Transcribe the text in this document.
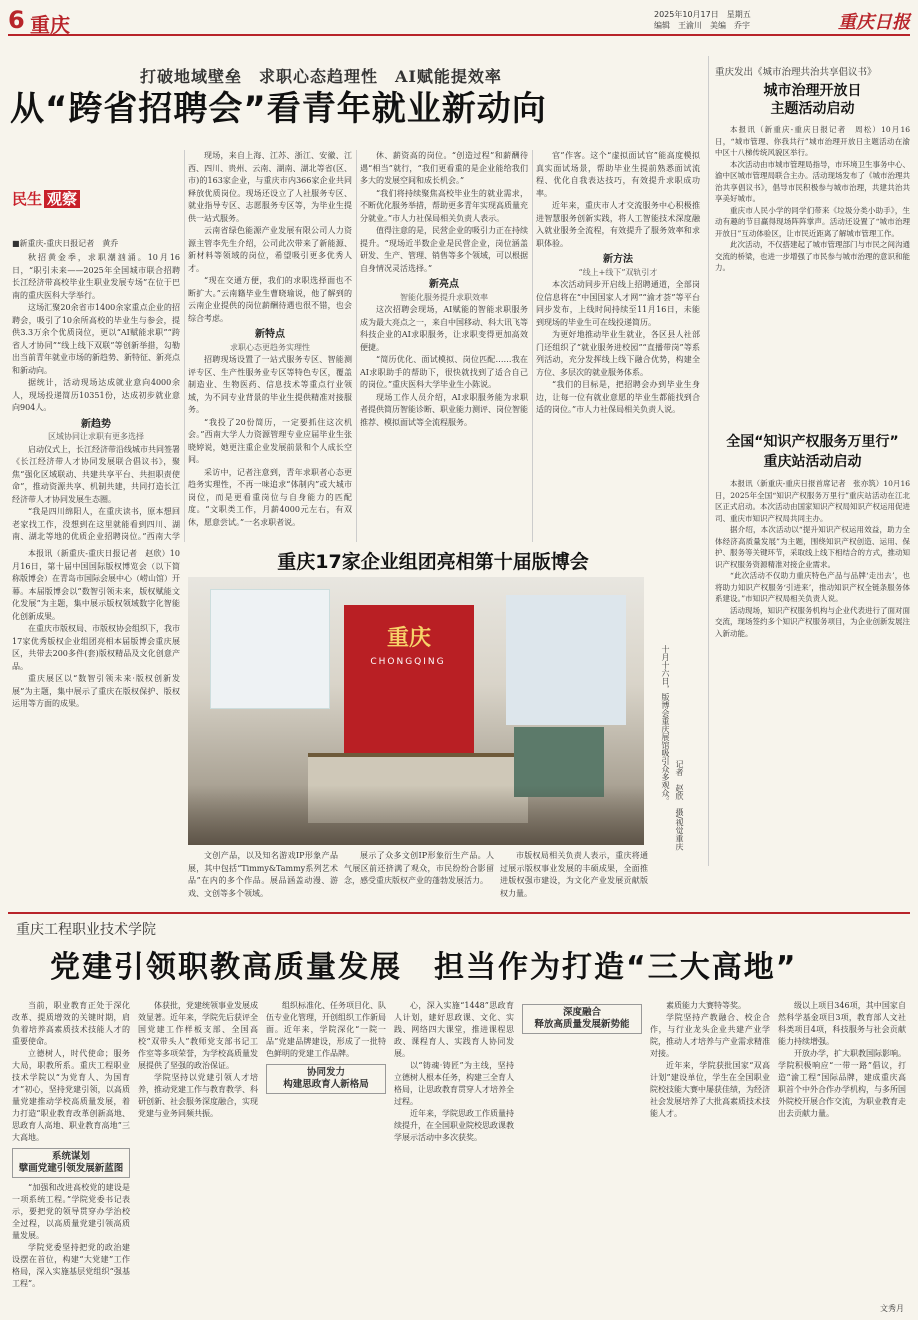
6 重庆	2025年10月17日　星期五
编辑　王渝川　美编　乔宇	重庆日报
打破地域壁垒　求职心态趋理性　AI赋能提效率
从“跨省招聘会”看青年就业新动向
民生 观察
■新重庆-重庆日报记者　黄乔

秋招黄金季，求职潮汹涌。10月16日，“职引未来——2025年全国城市联合招聘长江经济带高校毕业生职业发展专场”在位于巴南的重庆医科大学举行。

这场汇聚20余省市1400余家重点企业的招聘会，吸引了10余所高校的毕业生与参会，提供3.3万余个优质岗位，更以“AI赋能求职”“跨省人才协同”“线上线下双联”等创新举措，勾勒出当前青年就业市场的新趋势、新特征、新亮点和新动向。

据统计，活动现场达成就业意向4000余人，现场投递简历10351份，达成初步就业意向904人。

新趋势

区域协同让求职有更多选择

启动仪式上，长江经济带沿线城市共同签署《长江经济带人才协同发展联合倡议书》，聚焦“强化区域联动、共建共享平台、共担职责使命”，推动资源共享、机制共建，共同打造长江经济带人才协同发展生态圈。

“我是四川绵阳人，在重庆读书，原本想回老家找工作，没想到在这里就能看到四川、湖南、湖北等地的优质企业招聘岗位。”西南大学

现场，来自上海、江苏、浙江、安徽、江西、四川、贵州、云南、湖南、湖北等省(区、市)的163家企业，与重庆市内366家企业共同释放优质岗位。现场还设立了人社服务专区、就业指导专区、志愿服务专区等，为毕业生提供一站式服务。

云南省绿色能源产业发展有限公司人力资源主管李先生介绍，公司此次带来了新能源、新材料等领域的岗位，希望吸引更多优秀人才。

“现在交通方便，我们的求职选择面也不断扩大。”云南籍毕业生曹晓瑜说，他了解到的云南企业提供的岗位薪酬待遇也很不错，也会综合考虑。

新特点

求职心态更趋务实理性

招聘现场设置了一站式服务专区、智能测评专区、生产性服务业专区等特色专区，覆盖制造业、生物医药、信息技术等重点行业领域，为不同专业背景的毕业生提供精准对接服务。

“我投了20份简历，一定要抓住这次机会。”西南大学人力资源管理专业应届毕业生张晓婷说，她更注重企业发展前景和个人成长空间。

采访中，记者注意到，青年求职者心态更趋务实理性，不再一味追求“体制内”或大城市岗位，而是更看重岗位与自身能力的匹配度。“文职类工作，月薪4000元左右，有双休，愿意尝试。”一名求职者说。

休、薪资高的岗位。“创造过程”和薪酬待遇“相当”就行，“我们更看重的是企业能给我们多大的发展空间和成长机会。”

“我们将持续聚焦高校毕业生的就业需求，不断优化服务举措，帮助更多青年实现高质量充分就业。”市人力社保局相关负责人表示。

值得注意的是，民营企业的吸引力正在持续提升。“现场近半数企业是民营企业，岗位涵盖研发、生产、管理、销售等多个领域，可以根据自身情况灵活选择。”

新亮点

智能化服务提升求职效率

这次招聘会现场，AI赋能的智能求职服务成为最大亮点之一，来自中国移动、科大讯飞等科技企业的AI求职服务，让求职变得更加高效便捷。

“简历优化、面试模拟、岗位匹配……我在AI求职助手的帮助下，很快就找到了适合自己的岗位。”重庆医科大学毕业生小陈说。

现场工作人员介绍，AI求职服务能为求职者提供简历智能诊断、职业能力测评、岗位智能推荐、模拟面试等全流程服务。

官”作客。这个“虚拟面试官”能高度模拟真实面试场景，帮助毕业生提前熟悉面试流程、优化自我表达技巧，有效提升求职成功率。

近年来，重庆市人才交流服务中心积极推进智慧服务创新实践，将人工智能技术深度融入就业服务全流程，有效提升了服务效率和求职体验。

新方法

“线上+线下”双轨引才

本次活动同步开启线上招聘通道，全部岗位信息将在“中国国家人才网”“渝才荟”等平台同步发布，上线时间持续至11月16日，未能到现场的毕业生可在线投递简历。

为更好地推动毕业生就业，各区县人社部门还组织了“就业服务进校园”“直播带岗”等系列活动，充分发挥线上线下融合优势，构建全方位、多层次的就业服务体系。

“我们的目标是，把招聘会办到毕业生身边，让每一位有就业意愿的毕业生都能找到合适的岗位。”市人力社保局相关负责人说。

重庆发出《城市治理共治共享倡议书》
城市治理开放日
主题活动启动

本报讯（新重庆-重庆日报记者　周松）10月16日，“城市管理、你我共行”城市治理开放日主题活动在渝中区十八梯传统风貌区举行。

本次活动由市城市管理局指导，市环境卫生事务中心、渝中区城市管理局联合主办。活动现场发布了《城市治理共治共享倡议书》，倡导市民积极参与城市治理，共建共治共享美好城市。

重庆市人民小学的同学们带来《垃圾分类小助手》，生动有趣的节目赢得现场阵阵掌声。活动还设置了“城市治理开放日”互动体验区，让市民近距离了解城市管理工作。

此次活动，不仅搭建起了城市管理部门与市民之间沟通交流的桥梁，也进一步增强了市民参与城市治理的意识和能力。

全国“知识产权服务万里行”
重庆站活动启动

本报讯（新重庆-重庆日报首席记者　张亦筑）10月16日，2025年全国“知识产权服务万里行”重庆站活动在江北区正式启动。本次活动由国家知识产权局知识产权运用促进司、重庆市知识产权局共同主办。

据介绍，本次活动以“提升知识产权运用效益，助力全体经济高质量发展”为主题，围绕知识产权创造、运用、保护、服务等关键环节，采取线上线下相结合的方式，推动知识产权服务资源精准对接企业需求。

“此次活动不仅助力重庆特色产品与品牌‘走出去’，也将助力知识产权服务‘引进来’，推动知识产权全链条服务体系建设。”市知识产权局相关负责人说。

活动现场，知识产权服务机构与企业代表进行了面对面交流，现场签约多个知识产权服务项目，为企业创新发展注入新动能。

重庆17家企业组团亮相第十届版博会

本报讯（新重庆-重庆日报记者　赵欣）10月16日，第十届中国国际版权博览会（以下简称版博会）在青岛市国际会展中心（崂山馆）开幕。本届版博会以“数智引领未来，版权赋能文化发展”为主题，集中展示版权领域数字化智能化创新成果。

在重庆市版权局、市版权协会组织下，我市17家优秀版权企业组团亮相本届版博会重庆展区，共带去200多件(套)版权精品及文化创意产品。

重庆展区以“数智引领未来·版权创新发展”为主题，集中展示了重庆在版权保护、版权运用等方面的成果。

重庆
CHONGQING	十月十六日，版博会重庆展馆吸引众多观众。
记者　赵欣　摄/视觉重庆

文创产品，以及知名游戏IP形象产品展，其中包括“Timmy&Tammy系列艺术品”在内的多个作品。展品涵盖动漫、游戏、文创等多个领域。

展示了众多文创IP形象衍生产品。人气展区前还挤满了观众，市民纷纷合影留念，感受重庆版权产业的蓬勃发展活力。

市版权局相关负责人表示，重庆将通过展示版权事业发展的丰硕成果，全面推进版权强市建设，为文化产业发展贡献版权力量。

重庆工程职业技术学院
党建引领职教高质量发展　担当作为打造“三大高地”

当前，职业教育正处于深化改革、提质增效的关键时期，肩负着培养高素质技术技能人才的重要使命。

立德树人，时代使命；服务大局，职教所系。重庆工程职业技术学院以“为党育人、为国育才”初心，坚持党建引领，以高质量党建推动学校高质量发展，着力打造“职业教育改革创新高地、思政育人高地、职业教育高地”三大高地。

系统谋划
擘画党建引领发展新蓝图

“加强和改进高校党的建设是一项系统工程。”学院党委书记表示，要把党的领导贯穿办学治校全过程，以高质量党建引领高质量发展。

学院党委坚持把党的政治建设摆在首位，构建“大党建”工作格局，深入实施基层党组织“强基工程”。

体获批，党建统领事业发展成效显著。近年来，学院先后获评全国党建工作样板支部、全国高校“双带头人”教师党支部书记工作室等多项荣誉，为学校高质量发展提供了坚强的政治保证。

学院坚持以党建引领人才培养，推动党建工作与教育教学、科研创新、社会服务深度融合，实现党建与业务同频共振。

组织标准化、任务项目化、队伍专业化管理，开创组织工作新局面。近年来，学院深化“一院一品”党建品牌建设，形成了一批特色鲜明的党建工作品牌。

协同发力
构建思政育人新格局

心，深入实施“1448”思政育人计划，建好思政课、文化、实践、网络四大课堂，推进课程思政、课程育人、实践育人协同发展。

以“铸魂·铸匠”为主线，坚持立德树人根本任务，构建三全育人格局，让思政教育贯穿人才培养全过程。

近年来，学院思政工作质量持续提升，在全国职业院校思政课教学展示活动中多次获奖。

深度融合
释放高质量发展新势能

素质能力大赛特等奖。

学院坚持产教融合、校企合作，与行业龙头企业共建产业学院，推动人才培养与产业需求精准对接。

近年来，学院获批国家“双高计划”建设单位，学生在全国职业院校技能大赛中屡获佳绩，为经济社会发展培养了大批高素质技术技能人才。

级以上项目346项，其中国家自然科学基金项目3项，教育部人文社科类项目4项，科技服务与社会贡献能力持续增强。

开放办学，扩大职教国际影响。学院积极响应“一带一路”倡议，打造“渝工程”国际品牌，建成重庆高职首个中外合作办学机构，与多所国外院校开展合作交流，为职业教育走出去贡献力量。

文秀月
